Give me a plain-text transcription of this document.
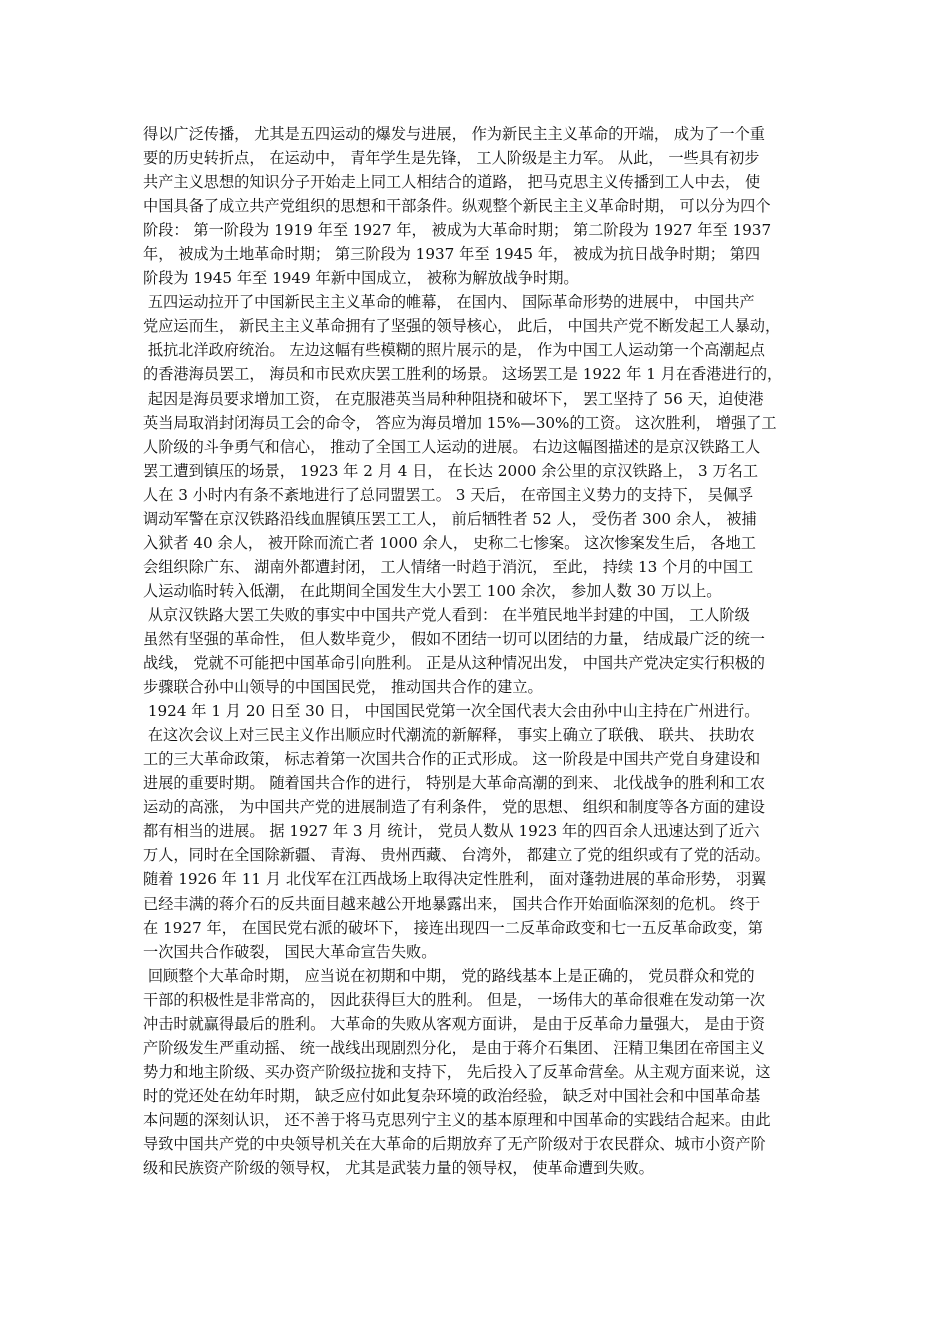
得以广泛传播， 尤其是五四运动的爆发与进展， 作为新民主主义革命的开端， 成为了一个重
要的历史转折点， 在运动中， 青年学生是先锋， 工人阶级是主力军。 从此， 一些具有初步
共产主义思想的知识分子开始走上同工人相结合的道路， 把马克思主义传播到工人中去， 使
中国具备了成立共产党组织的思想和干部条件。纵观整个新民主主义革命时期， 可以分为四个
阶段： 第一阶段为 1919 年至 1927 年， 被成为大革命时期； 第二阶段为 1927 年至 1937
年， 被成为土地革命时期； 第三阶段为 1937 年至 1945 年， 被成为抗日战争时期； 第四
阶段为 1945 年至 1949 年新中国成立， 被称为解放战争时期。
五四运动拉开了中国新民主主义革命的帷幕， 在国内、 国际革命形势的进展中， 中国共产
党应运而生， 新民主主义革命拥有了坚强的领导核心， 此后， 中国共产党不断发起工人暴动，
抵抗北洋政府统治。 左边这幅有些模糊的照片展示的是， 作为中国工人运动第一个高潮起点
的香港海员罢工， 海员和市民欢庆罢工胜利的场景。 这场罢工是 1922 年 1 月在香港进行的，
起因是海员要求增加工资， 在克服港英当局种种阻挠和破坏下， 罢工坚持了 56 天，迫使港
英当局取消封闭海员工会的命令， 答应为海员增加 15%—30%的工资。 这次胜利， 增强了工
人阶级的斗争勇气和信心， 推动了全国工人运动的进展。 右边这幅图描述的是京汉铁路工人
罢工遭到镇压的场景， 1923 年 2 月 4 日， 在长达 2000 余公里的京汉铁路上， 3 万名工
人在 3 小时内有条不紊地进行了总同盟罢工。 3 天后， 在帝国主义势力的支持下， 吴佩孚
调动军警在京汉铁路沿线血腥镇压罢工工人， 前后牺牲者 52 人， 受伤者 300 余人， 被捕
入狱者 40 余人， 被开除而流亡者 1000 余人， 史称二七惨案。 这次惨案发生后， 各地工
会组织除广东、 湖南外都遭封闭， 工人情绪一时趋于消沉， 至此， 持续 13 个月的中国工
人运动临时转入低潮， 在此期间全国发生大小罢工 100 余次， 参加人数 30 万以上。
从京汉铁路大罢工失败的事实中中国共产党人看到： 在半殖民地半封建的中国， 工人阶级
虽然有坚强的革命性， 但人数毕竟少， 假如不团结一切可以团结的力量， 结成最广泛的统一
战线， 党就不可能把中国革命引向胜利。 正是从这种情况出发， 中国共产党决定实行积极的
步骤联合孙中山领导的中国国民党， 推动国共合作的建立。
1924 年 1 月 20 日至 30 日， 中国国民党第一次全国代表大会由孙中山主持在广州进行。
在这次会议上对三民主义作出顺应时代潮流的新解释， 事实上确立了联俄、 联共、 扶助农
工的三大革命政策， 标志着第一次国共合作的正式形成。 这一阶段是中国共产党自身建设和
进展的重要时期。 随着国共合作的进行， 特别是大革命高潮的到来、 北伐战争的胜利和工农
运动的高涨， 为中国共产党的进展制造了有利条件， 党的思想、 组织和制度等各方面的建设
都有相当的进展。 据 1927 年 3 月 统计， 党员人数从 1923 年的四百余人迅速达到了近六
万人，同时在全国除新疆、 青海、 贵州西藏、 台湾外， 都建立了党的组织或有了党的活动。
随着 1926 年 11 月 北伐军在江西战场上取得决定性胜利， 面对蓬勃进展的革命形势， 羽翼
已经丰满的蒋介石的反共面目越来越公开地暴露出来， 国共合作开始面临深刻的危机。 终于
在 1927 年， 在国民党右派的破坏下， 接连出现四一二反革命政变和七一五反革命政变，第
一次国共合作破裂， 国民大革命宣告失败。
回顾整个大革命时期， 应当说在初期和中期， 党的路线基本上是正确的， 党员群众和党的
干部的积极性是非常高的， 因此获得巨大的胜利。 但是， 一场伟大的革命很难在发动第一次
冲击时就赢得最后的胜利。 大革命的失败从客观方面讲， 是由于反革命力量强大， 是由于资
产阶级发生严重动摇、 统一战线出现剧烈分化， 是由于蒋介石集团、 汪精卫集团在帝国主义
势力和地主阶级、买办资产阶级拉拢和支持下， 先后投入了反革命营垒。从主观方面来说，这
时的党还处在幼年时期， 缺乏应付如此复杂环境的政治经验， 缺乏对中国社会和中国革命基
本问题的深刻认识， 还不善于将马克思列宁主义的基本原理和中国革命的实践结合起来。由此
导致中国共产党的中央领导机关在大革命的后期放弃了无产阶级对于农民群众、城市小资产阶
级和民族资产阶级的领导权， 尤其是武装力量的领导权， 使革命遭到失败。
